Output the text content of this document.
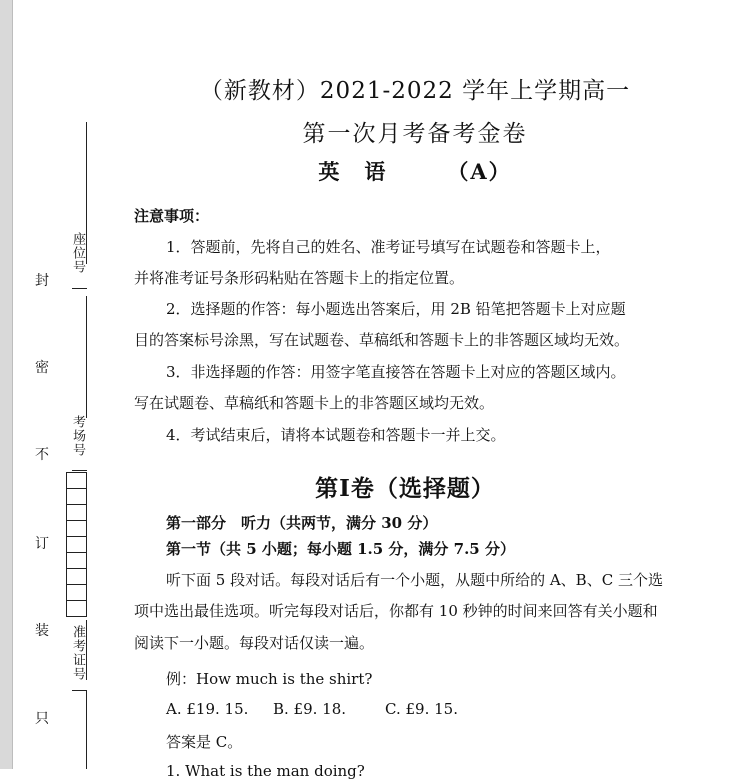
座位号
考场号
准考证号
封
密
不
订
装
只
（新教材）2021-2022 学年上学期高一
第一次月考备考金卷
英　语	（A）
注意事项：
1．答题前，先将自己的姓名、准考证号填写在试题卷和答题卡上，
并将准考证号条形码粘贴在答题卡上的指定位置。
2．选择题的作答：每小题选出答案后，用 2B 铅笔把答题卡上对应题
目的答案标号涂黑，写在试题卷、草稿纸和答题卡上的非答题区域均无效。
3．非选择题的作答：用签字笔直接答在答题卡上对应的答题区域内。
写在试题卷、草稿纸和答题卡上的非答题区域均无效。
4．考试结束后，请将本试题卷和答题卡一并上交。
第Ⅰ卷（选择题）
第一部分　听力（共两节，满分 30 分）
第一节（共 5 小题；每小题 1.5 分，满分 7.5 分）
听下面 5 段对话。每段对话后有一个小题，从题中所给的 A、B、C 三个选
项中选出最佳选项。听完每段对话后，你都有 10 秒钟的时间来回答有关小题和
阅读下一小题。每段对话仅读一遍。
例：How much is the shirt?
A. £19. 15. B. £9. 18.	C. £9. 15.
答案是 C。
1. What is the man doing?
